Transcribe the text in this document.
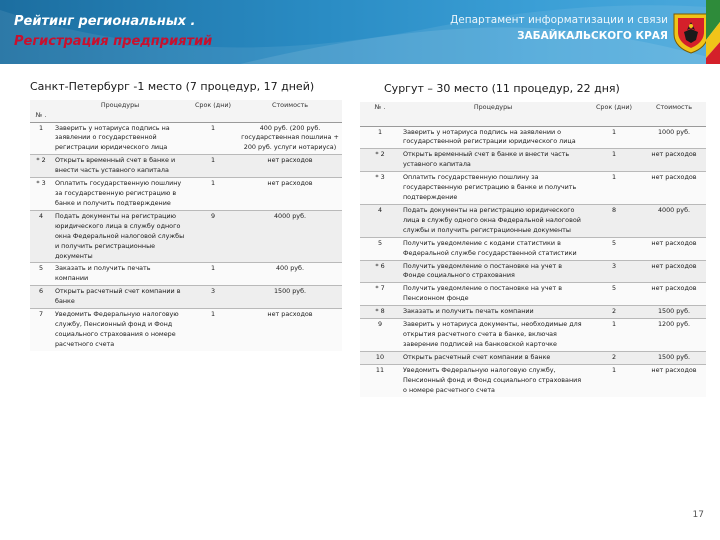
Рейтинг региональных .
Регистрация предприятий
Департамент информатизации и связи
ЗАБАЙКАЛЬСКОГО КРАЯ
Санкт-Петербург -1 место (7 процедур, 17 дней)	Сургут – 30 место (11 процедур, 22 дня)
№ .	Процедуры	Срок (дни)	Стоимость
1	Заверить у нотариуса подпись на заявлении о государственной регистрации юридического лица	1	400 руб. (200 руб. государственная пошлина + 200 руб. услуги нотариуса)
* 2	Открыть временный счет в банке и внести часть уставного капитала	1	нет расходов
* 3	Оплатить государственную пошлину за государственную регистрацию в банке и получить подтверждение	1	нет расходов
4	Подать документы на регистрацию юридического лица в службу одного окна Федеральной налоговой службы и получить регистрационные документы	9	4000 руб.
5	Заказать и получить печать компании	1	400 руб.
6	Открыть расчетный счет компании в банке	3	1500 руб.
7	Уведомить Федеральную налоговую службу, Пенсионный фонд и Фонд социального страхования о номере расчетного счета	1	нет расходов
№ .	Процедуры	Срок (дни)	Стоимость
1	Заверить у нотариуса подпись на заявлении о государственной регистрации юридического лица	1	1000 руб.
* 2	Открыть временный счет в банке и внести часть уставного капитала	1	нет расходов
* 3	Оплатить государственную пошлину за государственную регистрацию в банке и получить подтверждение	1	нет расходов
4	Подать документы на регистрацию юридического лица в службу одного окна Федеральной налоговой службы и получить регистрационные документы	8	4000 руб.
5	Получить уведомление с кодами статистики в Федеральной службе государственной статистики	5	нет расходов
* 6	Получить уведомление о постановке на учет в Фонде социального страхования	3	нет расходов
* 7	Получить уведомление о постановке на учет в Пенсионном фонде	5	нет расходов
* 8	Заказать и получить печать компании	2	1500 руб.
9	Заверить у нотариуса документы, необходимые для открытия расчетного счета в банке, включая заверение подписей на банковской карточке	1	1200 руб.
10	Открыть расчетный счет компании в банке	2	1500 руб.
11	Уведомить Федеральную налоговую службу, Пенсионный фонд и Фонд социального страхования о номере расчетного счета	1	нет расходов
17
